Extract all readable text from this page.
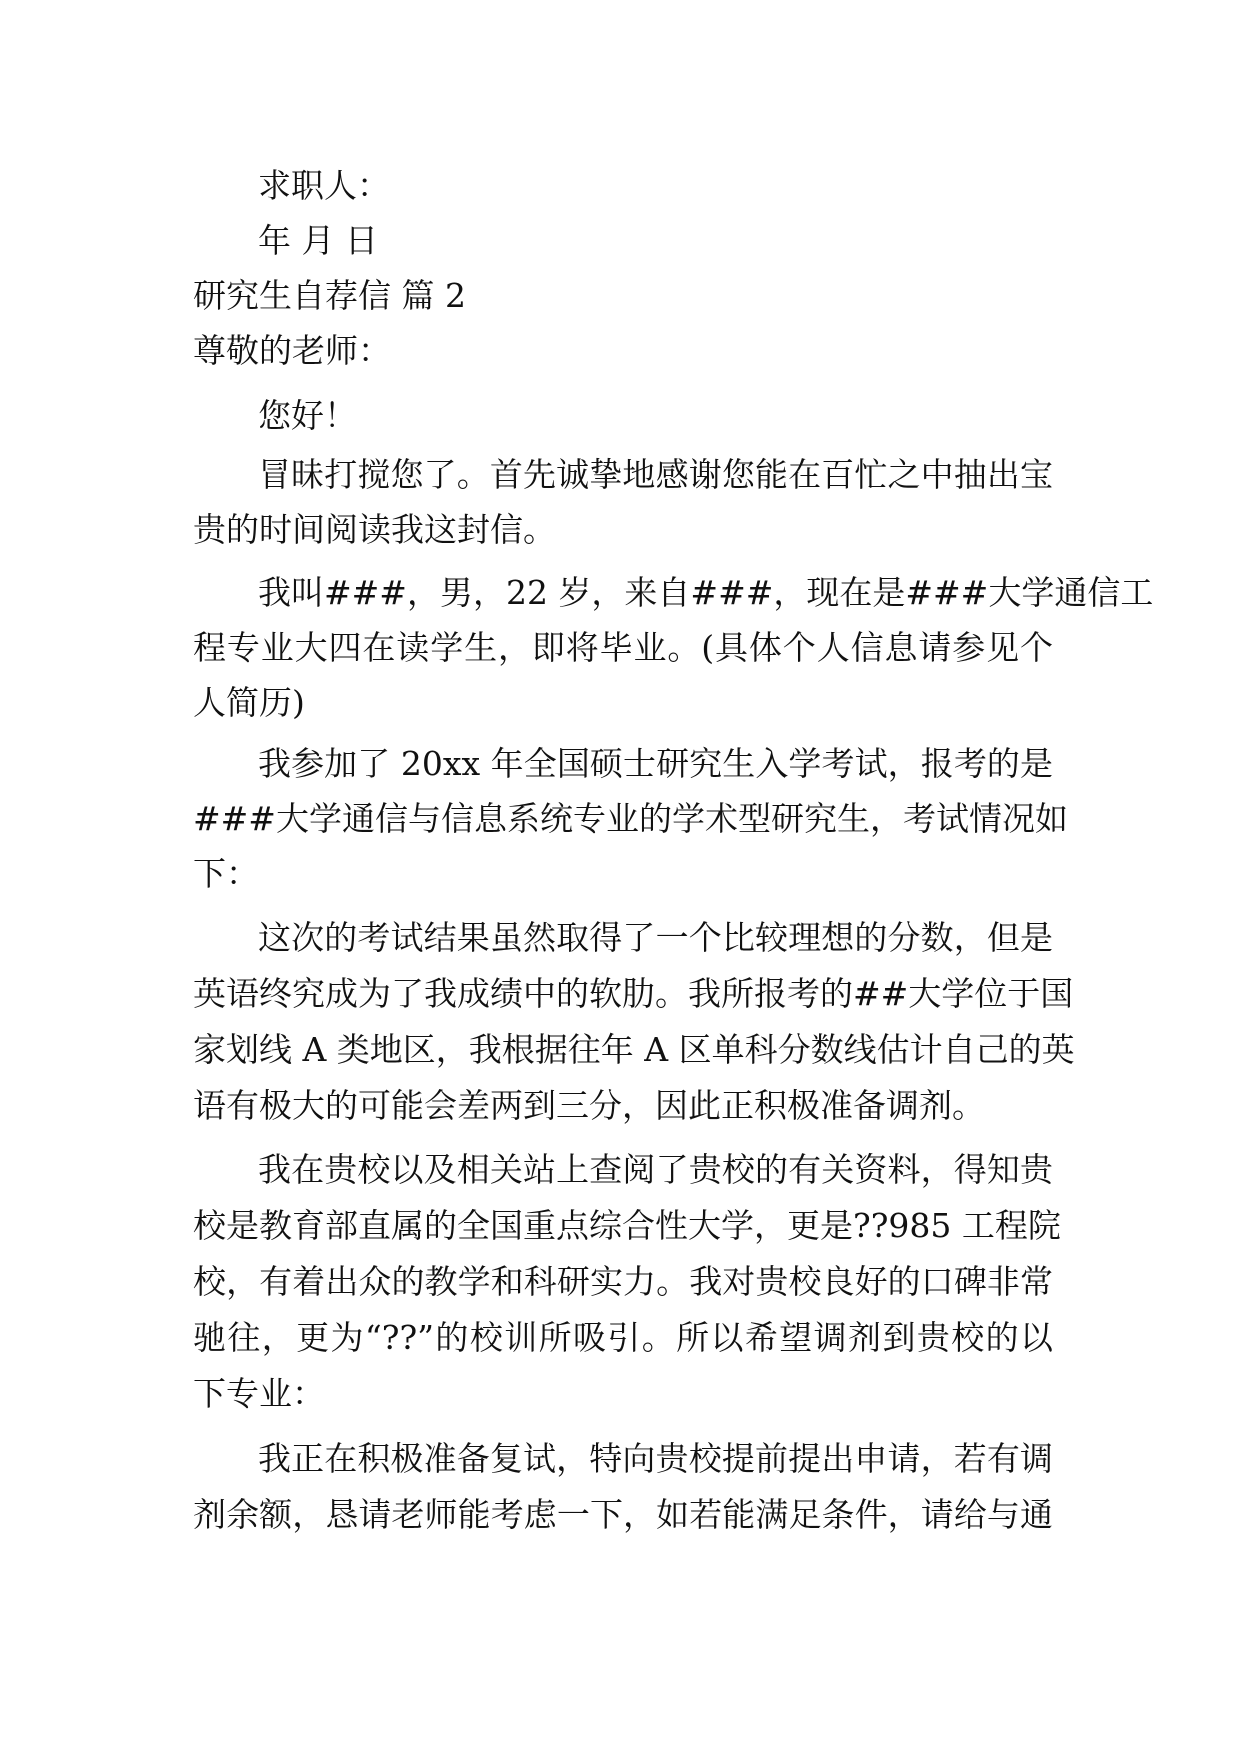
求职人：
年 月 日
研究生自荐信 篇 2
尊敬的老师：
您好！
冒昧打搅您了。首先诚挚地感谢您能在百忙之中抽出宝
贵的时间阅读我这封信。
我叫###，男，22 岁，来自###，现在是###大学通信工
程专业大四在读学生，即将毕业。(具体个人信息请参见个
人简历)
我参加了 20xx 年全国硕士研究生入学考试，报考的是
###大学通信与信息系统专业的学术型研究生，考试情况如
下：
这次的考试结果虽然取得了一个比较理想的分数，但是
英语终究成为了我成绩中的软肋。我所报考的##大学位于国
家划线 A 类地区，我根据往年 A 区单科分数线估计自己的英
语有极大的可能会差两到三分，因此正积极准备调剂。
我在贵校以及相关站上查阅了贵校的有关资料，得知贵
校是教育部直属的全国重点综合性大学，更是??985 工程院
校，有着出众的教学和科研实力。我对贵校良好的口碑非常
驰往，更为“??”的校训所吸引。所以希望调剂到贵校的以
下专业：
我正在积极准备复试，特向贵校提前提出申请，若有调
剂余额，恳请老师能考虑一下，如若能满足条件，请给与通
